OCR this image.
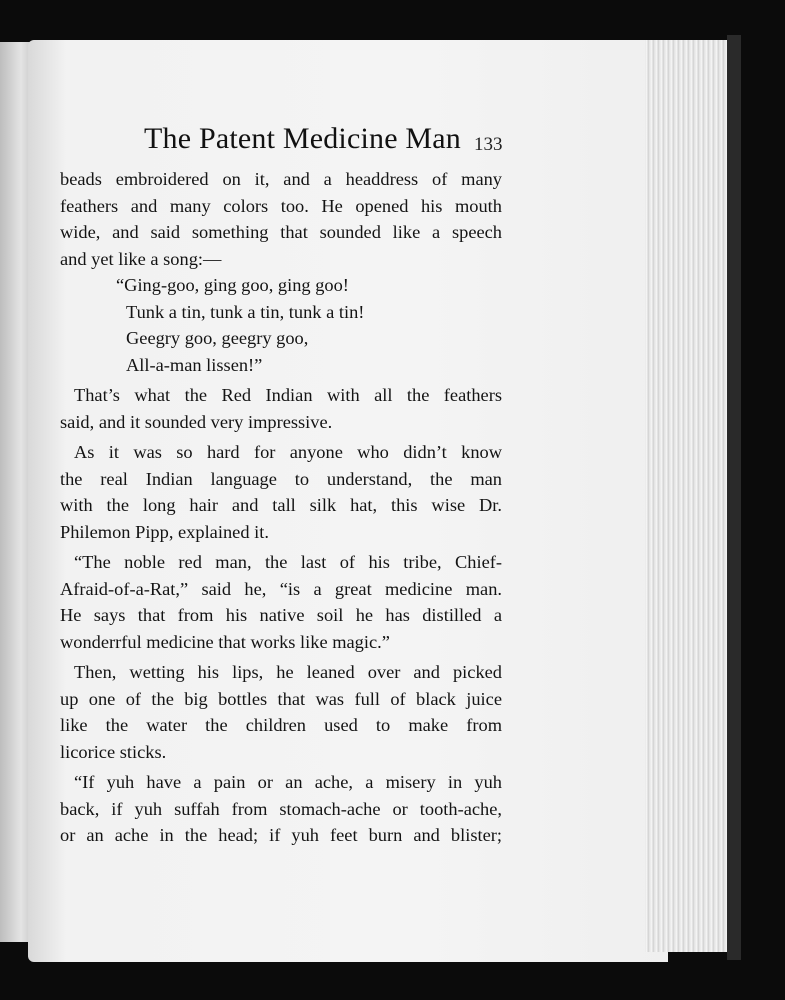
The Patent Medicine Man 133
beads embroidered on it, and a headdress of many
feathers and many colors too. He opened his mouth
wide, and said something that sounded like a speech
and yet like a song:—
“Ging-goo, ging goo, ging goo!
Tunk a tin, tunk a tin, tunk a tin!
Geegry goo, geegry goo,
All-a-man lissen!”
That’s what the Red Indian with all the feathers
said, and it sounded very impressive.
As it was so hard for anyone who didn’t know
the real Indian language to understand, the man
with the long hair and tall silk hat, this wise Dr.
Philemon Pipp, explained it.
“The noble red man, the last of his tribe, Chief-
Afraid-of-a-Rat,” said he, “is a great medicine man.
He says that from his native soil he has distilled a
wonderrful medicine that works like magic.”
Then, wetting his lips, he leaned over and picked
up one of the big bottles that was full of black juice
like the water the children used to make from
licorice sticks.
“If yuh have a pain or an ache, a misery in yuh
back, if yuh suffah from stomach-ache or tooth-ache,
or an ache in the head; if yuh feet burn and blister;
